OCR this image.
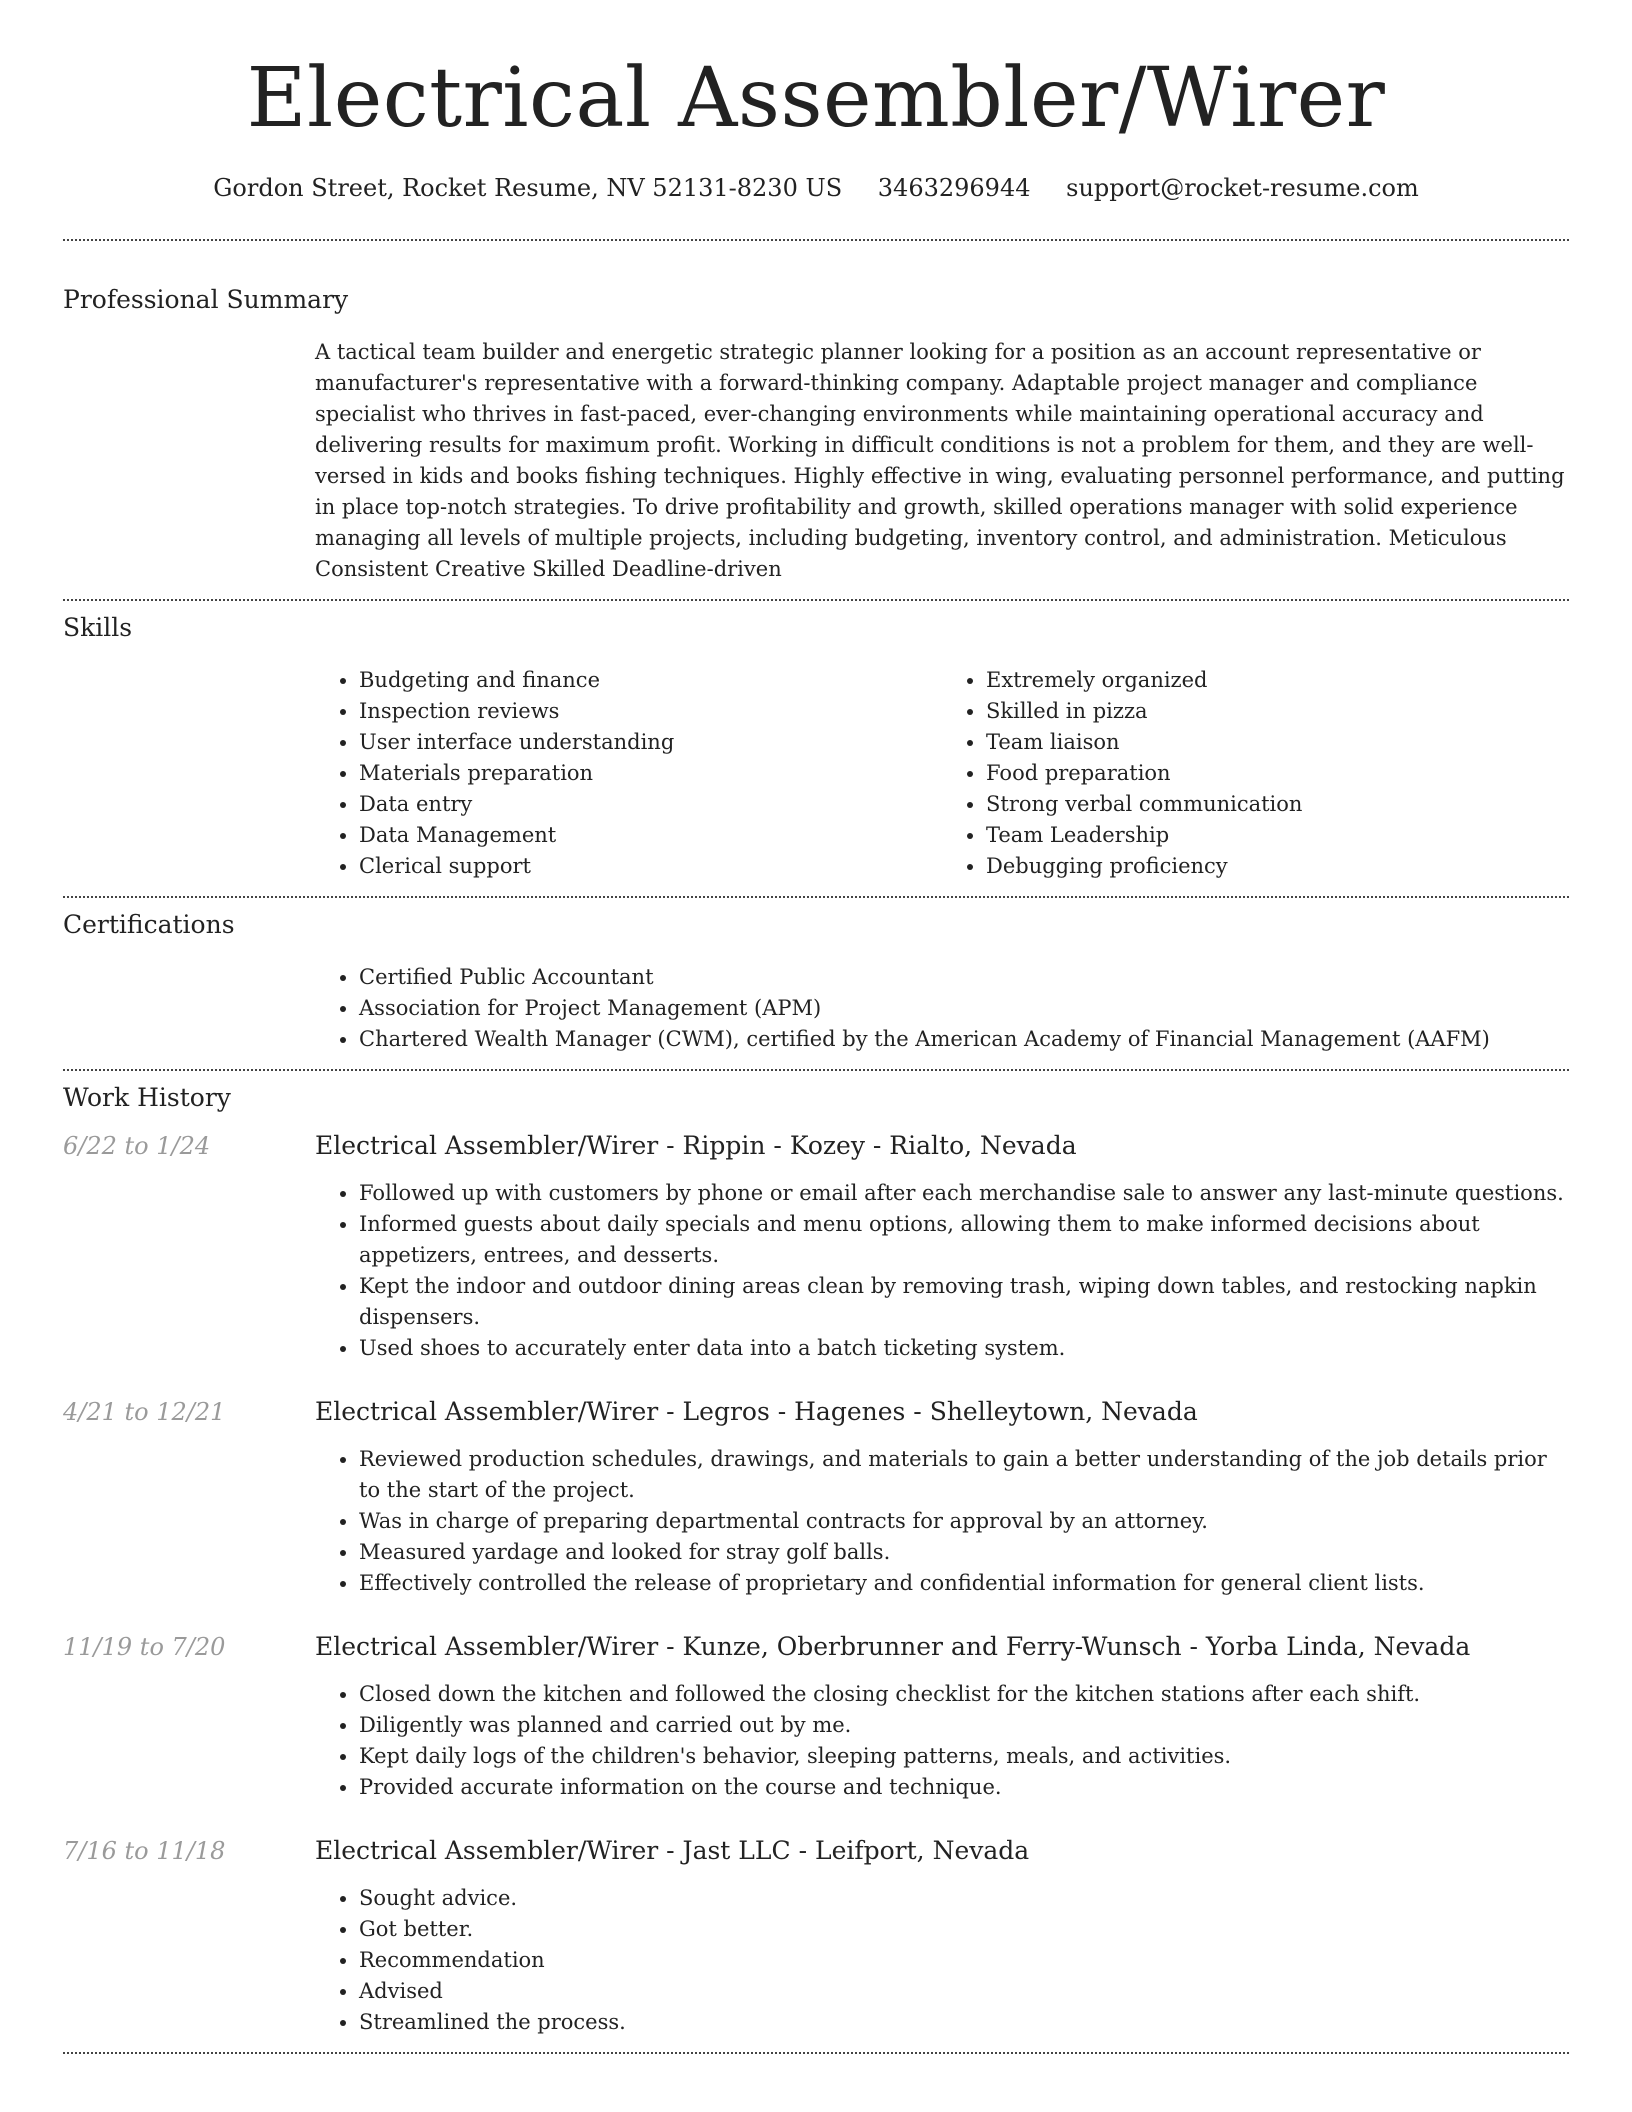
Electrical Assembler/Wirer
Gordon Street, Rocket Resume, NV 52131-8230 US 3463296944 support@rocket-resume.com
Professional Summary
A tactical team builder and energetic strategic planner looking for a position as an account representative or manufacturer's representative with a forward-thinking company. Adaptable project manager and compliance specialist who thrives in fast-paced, ever-changing environments while maintaining operational accuracy and delivering results for maximum profit. Working in difficult conditions is not a problem for them, and they are well-versed in kids and books fishing techniques. Highly effective in wing, evaluating personnel performance, and putting in place top-notch strategies. To drive profitability and growth, skilled operations manager with solid experience managing all levels of multiple projects, including budgeting, inventory control, and administration. Meticulous Consistent Creative Skilled Deadline-driven
Skills
• Budgeting and finance
• Inspection reviews
• User interface understanding
• Materials preparation
• Data entry
• Data Management
• Clerical support
• Extremely organized
• Skilled in pizza
• Team liaison
• Food preparation
• Strong verbal communication
• Team Leadership
• Debugging proficiency
Certifications
• Certified Public Accountant
• Association for Project Management (APM)
• Chartered Wealth Manager (CWM), certified by the American Academy of Financial Management (AAFM)
Work History
6/22 to 1/24	Electrical Assembler/Wirer - Rippin - Kozey - Rialto, Nevada
• Followed up with customers by phone or email after each merchandise sale to answer any last-minute questions.
• Informed guests about daily specials and menu options, allowing them to make informed decisions about appetizers, entrees, and desserts.
• Kept the indoor and outdoor dining areas clean by removing trash, wiping down tables, and restocking napkin dispensers.
• Used shoes to accurately enter data into a batch ticketing system.
4/21 to 12/21	Electrical Assembler/Wirer - Legros - Hagenes - Shelleytown, Nevada
• Reviewed production schedules, drawings, and materials to gain a better understanding of the job details prior to the start of the project.
• Was in charge of preparing departmental contracts for approval by an attorney.
• Measured yardage and looked for stray golf balls.
• Effectively controlled the release of proprietary and confidential information for general client lists.
11/19 to 7/20	Electrical Assembler/Wirer - Kunze, Oberbrunner and Ferry-Wunsch - Yorba Linda, Nevada
• Closed down the kitchen and followed the closing checklist for the kitchen stations after each shift.
• Diligently was planned and carried out by me.
• Kept daily logs of the children's behavior, sleeping patterns, meals, and activities.
• Provided accurate information on the course and technique.
7/16 to 11/18	Electrical Assembler/Wirer - Jast LLC - Leifport, Nevada
• Sought advice.
• Got better.
• Recommendation
• Advised
• Streamlined the process.
